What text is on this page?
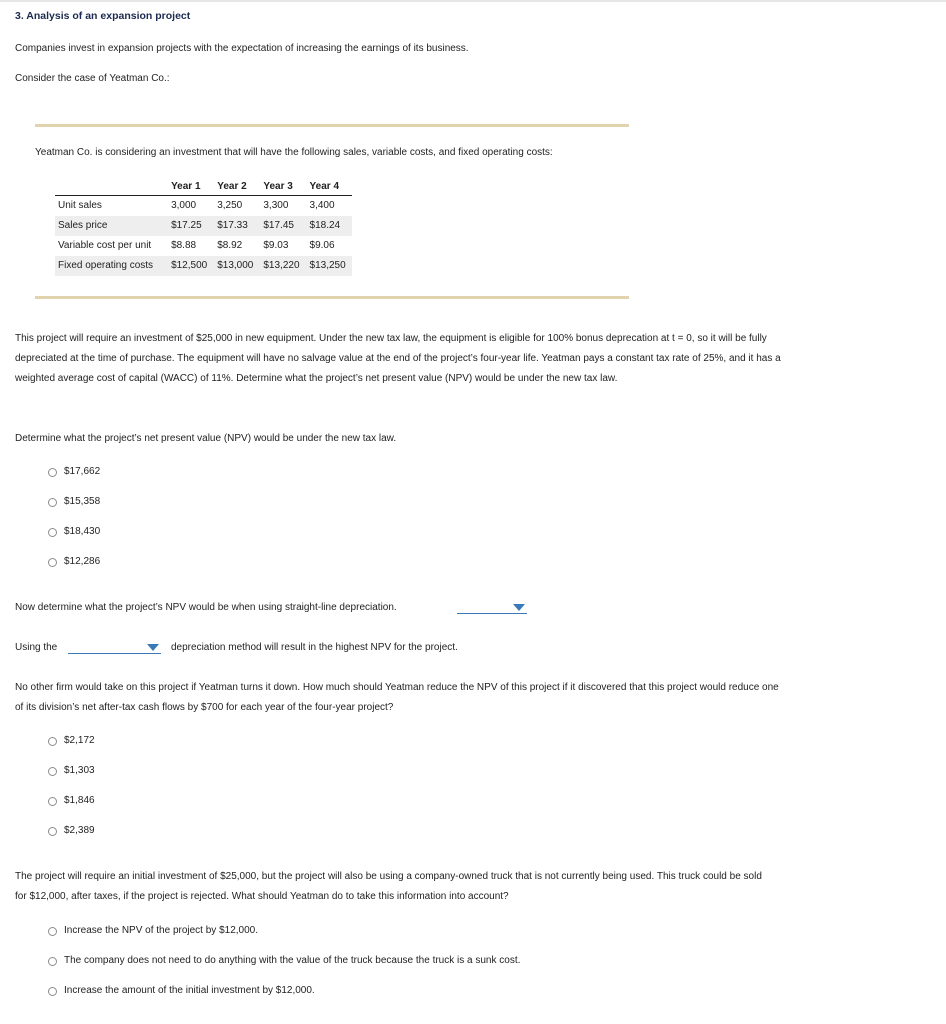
3. Analysis of an expansion project
Companies invest in expansion projects with the expectation of increasing the earnings of its business.
Consider the case of Yeatman Co.:
Yeatman Co. is considering an investment that will have the following sales, variable costs, and fixed operating costs:
	Year 1	Year 2	Year 3	Year 4
Unit sales	3,000	3,250	3,300	3,400
Sales price	$17.25	$17.33	$17.45	$18.24
Variable cost per unit	$8.88	$8.92	$9.03	$9.06
Fixed operating costs	$12,500	$13,000	$13,220	$13,250
This project will require an investment of $25,000 in new equipment. Under the new tax law, the equipment is eligible for 100% bonus deprecation at t = 0, so it will be fully depreciated at the time of purchase. The equipment will have no salvage value at the end of the project’s four-year life. Yeatman pays a constant tax rate of 25%, and it has a weighted average cost of capital (WACC) of 11%. Determine what the project’s net present value (NPV) would be under the new tax law.
Determine what the project’s net present value (NPV) would be under the new tax law.
$17,662
$15,358
$18,430
$12,286
Now determine what the project’s NPV would be when using straight-line depreciation.
Using the	depreciation method will result in the highest NPV for the project.
No other firm would take on this project if Yeatman turns it down. How much should Yeatman reduce the NPV of this project if it discovered that this project would reduce one of its division’s net after-tax cash flows by $700 for each year of the four-year project?
$2,172
$1,303
$1,846
$2,389
The project will require an initial investment of $25,000, but the project will also be using a company-owned truck that is not currently being used. This truck could be sold for $12,000, after taxes, if the project is rejected. What should Yeatman do to take this information into account?
Increase the NPV of the project by $12,000.
The company does not need to do anything with the value of the truck because the truck is a sunk cost.
Increase the amount of the initial investment by $12,000.
